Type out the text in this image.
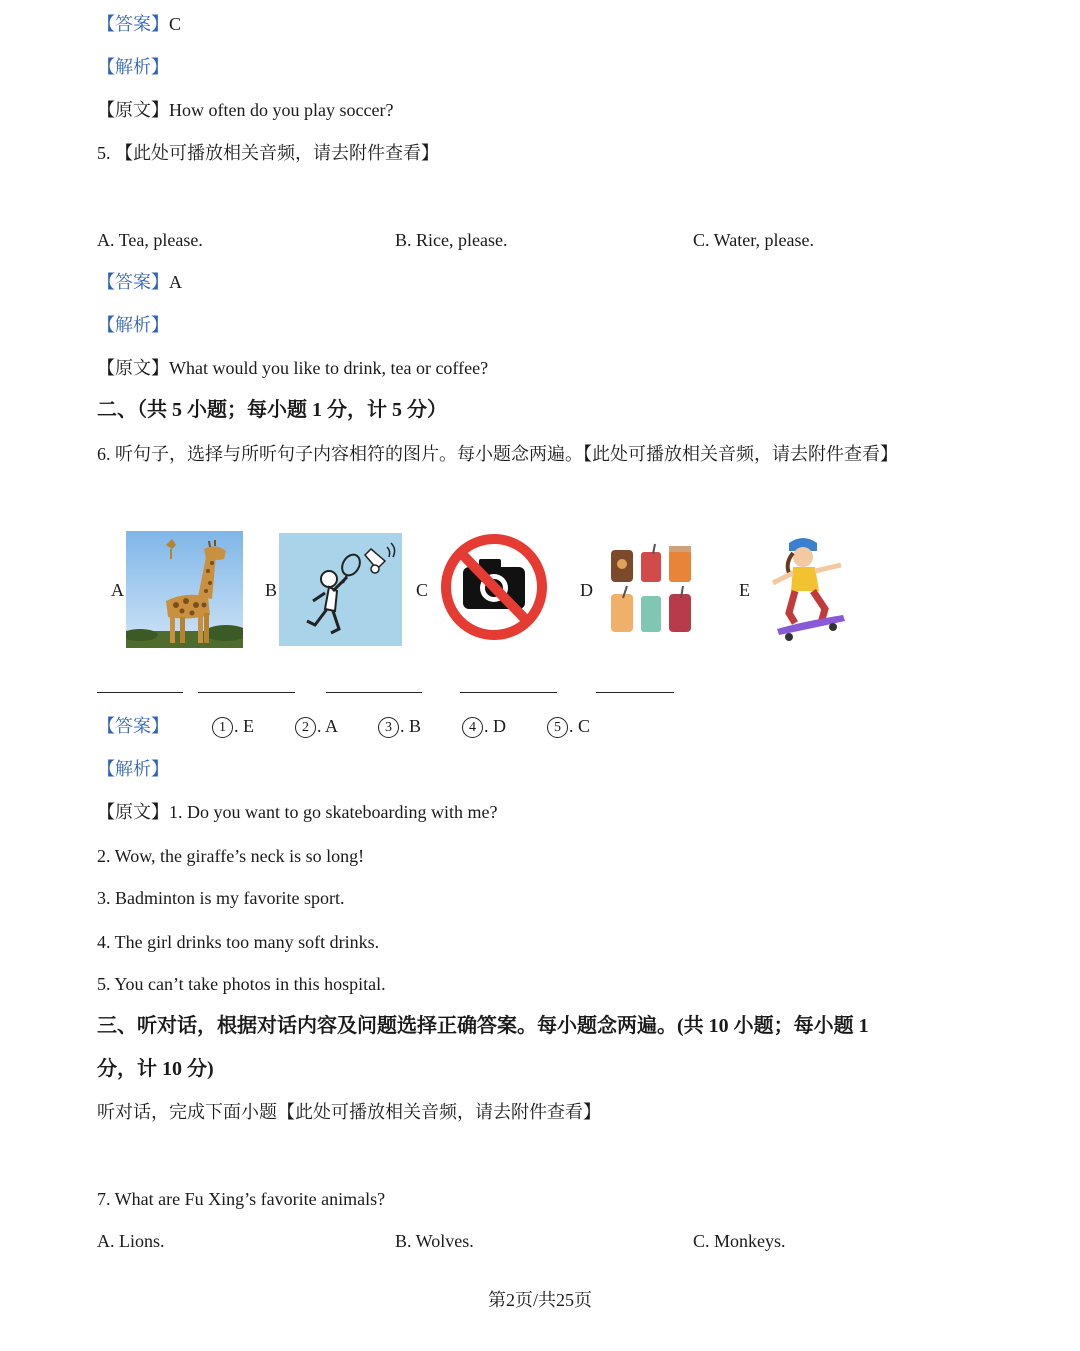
【答案】C
【解析】
【原文】How often do you play soccer?
5. 【此处可播放相关音频，请去附件查看】
A. Tea, please.	B. Rice, please.	C. Water, please.
【答案】A
【解析】
【原文】What would you like to drink, tea or coffee?
二、（共 5 小题；每小题 1 分，计 5 分）
6. 听句子，选择与所听句子内容相符的图片。每小题念两遍。【此处可播放相关音频，请去附件查看】
A	B	C	D	E
【答案】	1 . E	2 . A	3 . B	4 . D	5 . C
【解析】
【原文】1. Do you want to go skateboarding with me?
2. Wow, the giraffe’s neck is so long!
3. Badminton is my favorite sport.
4. The girl drinks too many soft drinks.
5. You can’t take photos in this hospital.
三、听对话，根据对话内容及问题选择正确答案。每小题念两遍。(共 10 小题；每小题 1
分，计 10 分)
听对话，完成下面小题【此处可播放相关音频，请去附件查看】
7. What are Fu Xing’s favorite animals?
A. Lions.	B. Wolves.	C. Monkeys.
第2页/共25页
